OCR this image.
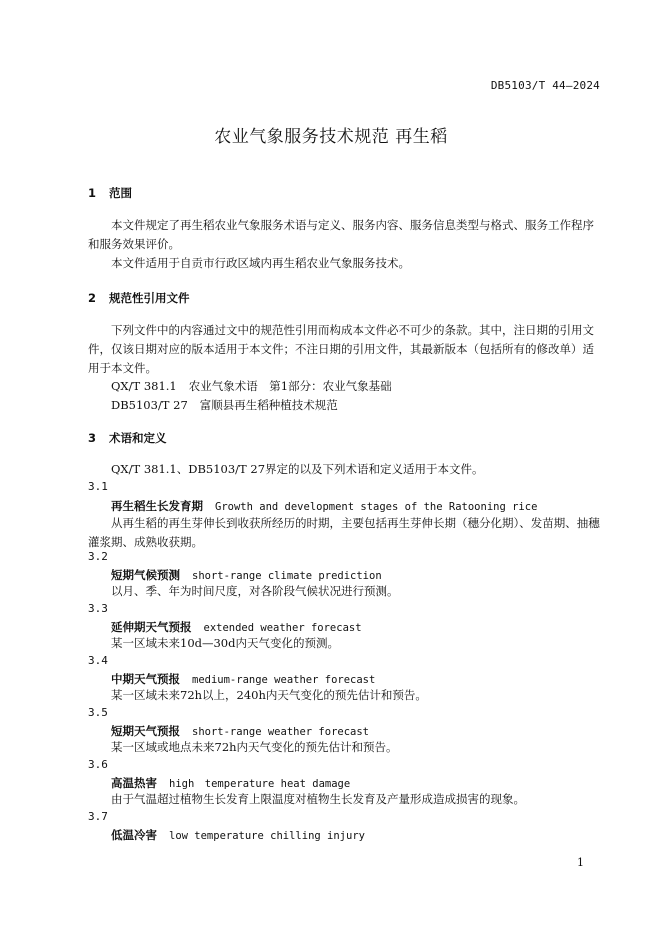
DB5103/T 44—2024
农业气象服务技术规范 再生稻
1 范围
本文件规定了再生稻农业气象服务术语与定义、服务内容、服务信息类型与格式、服务工作程序和服务效果评价。
本文件适用于自贡市行政区域内再生稻农业气象服务技术。
2 规范性引用文件
下列文件中的内容通过文中的规范性引用而构成本文件必不可少的条款。其中，注日期的引用文件，仅该日期对应的版本适用于本文件；不注日期的引用文件，其最新版本（包括所有的修改单）适用于本文件。
QX/T 381.1 农业气象术语　第1部分：农业气象基础
DB5103/T 27 富顺县再生稻种植技术规范
3 术语和定义
QX/T 381.1、DB5103/T 27界定的以及下列术语和定义适用于本文件。
3.1
再生稻生长发育期 Growth and development stages of the Ratooning rice
从再生稻的再生芽伸长到收获所经历的时期，主要包括再生芽伸长期（穗分化期）、发苗期、抽穗灌浆期、成熟收获期。
3.2
短期气候预测 short-range climate prediction
以月、季、年为时间尺度，对各阶段气候状况进行预测。
3.3
延伸期天气预报 extended weather forecast
某一区域未来10d—30d内天气变化的预测。
3.4
中期天气预报 medium-range weather forecast
某一区域未来72h以上，240h内天气变化的预先估计和预告。
3.5
短期天气预报 short-range weather forecast
某一区域或地点未来72h内天气变化的预先估计和预告。
3.6
高温热害 high　temperature heat damage
由于气温超过植物生长发育上限温度对植物生长发育及产量形成造成损害的现象。
3.7
低温冷害 low temperature chilling injury
1
